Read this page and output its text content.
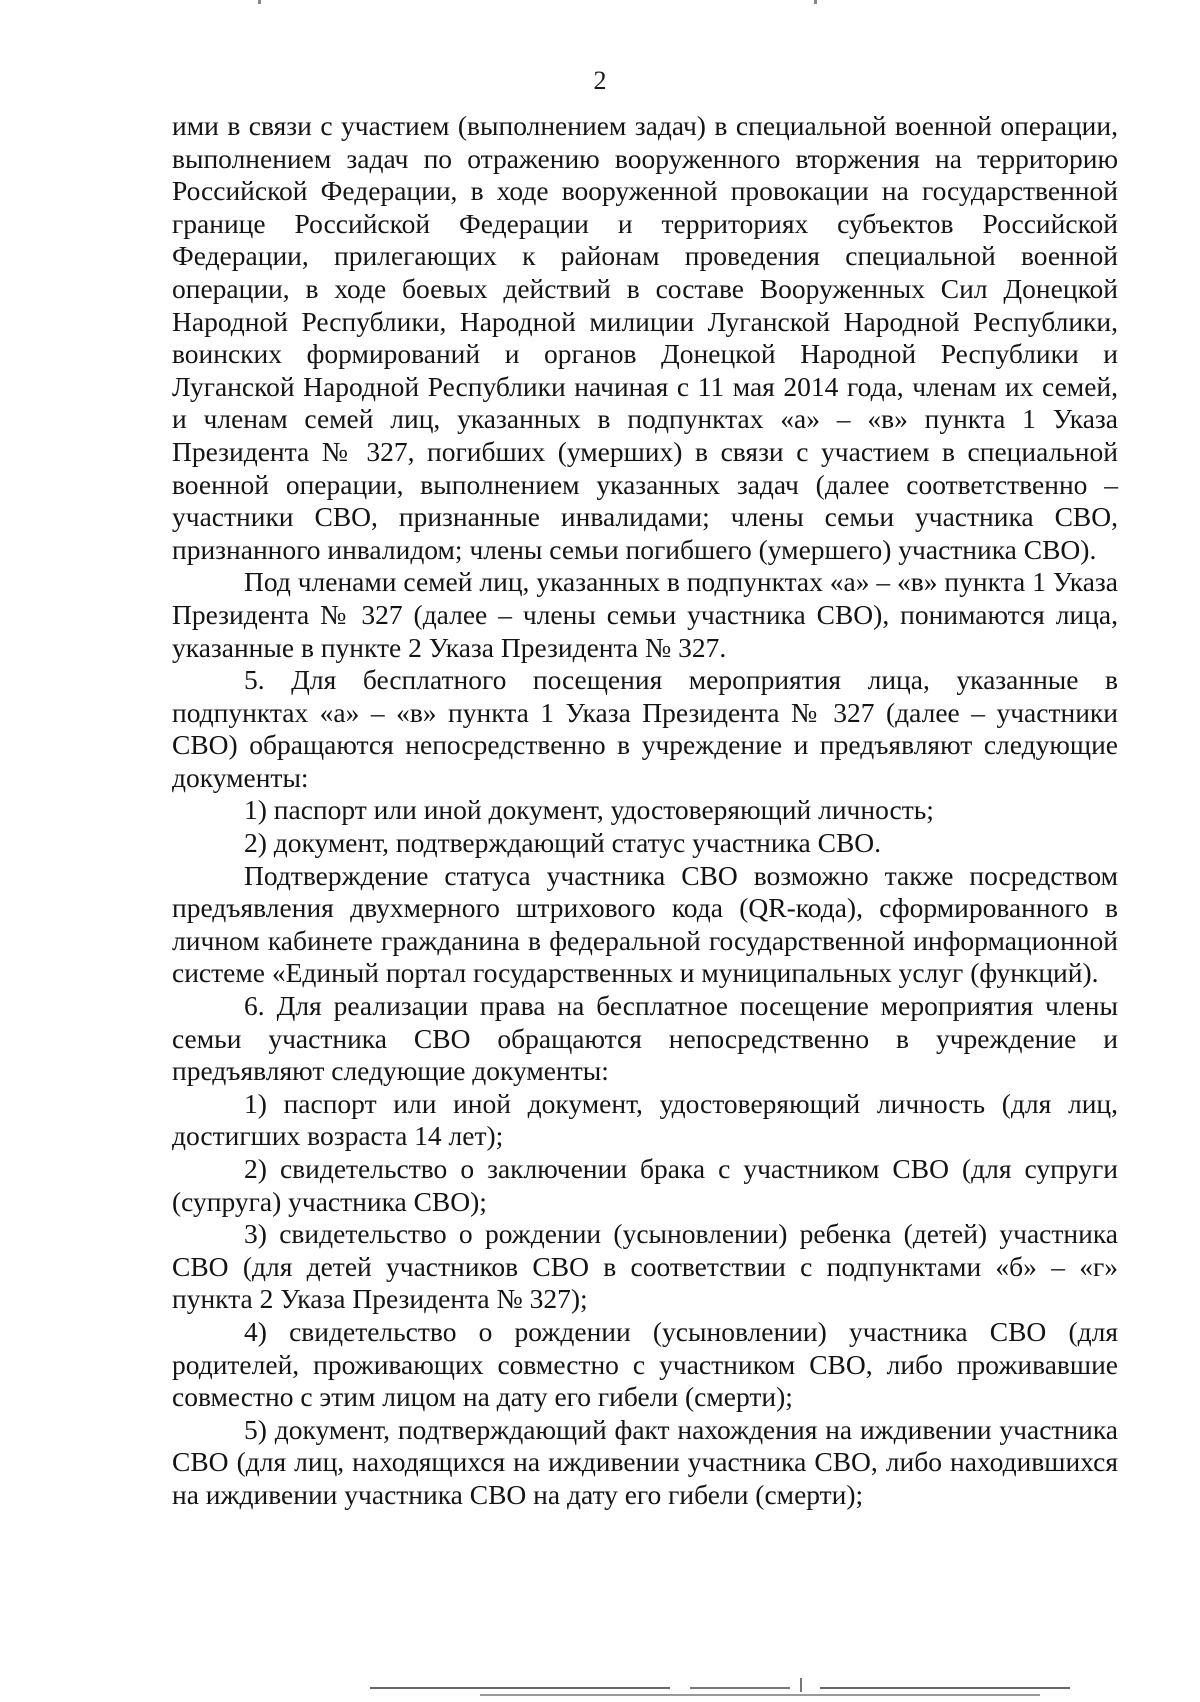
2

ими в связи с участием (выполнением задач) в специальной военной операции, выполнением задач по отражению вооруженного вторжения на территорию Российской Федерации, в ходе вооруженной провокации на государственной границе Российской Федерации и территориях субъектов Российской Федерации, прилегающих к районам проведения специальной военной операции, в ходе боевых действий в составе Вооруженных Сил Донецкой Народной Республики, Народной милиции Луганской Народной Республики, воинских формирований и органов Донецкой Народной Республики и Луганской Народной Республики начиная с 11 мая 2014 года, членам их семей, и членам семей лиц, указанных в подпунктах «а» – «в» пункта 1 Указа Президента № 327, погибших (умерших) в связи с участием в специальной военной операции, выполнением указанных задач (далее соответственно – участники СВО, признанные инвалидами; члены семьи участника СВО, признанного инвалидом; члены семьи погибшего (умершего) участника СВО).

Под членами семей лиц, указанных в подпунктах «а» – «в» пункта 1 Указа Президента № 327 (далее – члены семьи участника СВО), понимаются лица, указанные в пункте 2 Указа Президента № 327.

5. Для бесплатного посещения мероприятия лица, указанные в подпунктах «а» – «в» пункта 1 Указа Президента № 327 (далее – участники СВО) обращаются непосредственно в учреждение и предъявляют следующие документы:

1) паспорт или иной документ, удостоверяющий личность;

2) документ, подтверждающий статус участника СВО.

Подтверждение статуса участника СВО возможно также посредством предъявления двухмерного штрихового кода (QR-кода), сформированного в личном кабинете гражданина в федеральной государственной информационной системе «Единый портал государственных и муниципальных услуг (функций).

6. Для реализации права на бесплатное посещение мероприятия члены семьи участника СВО обращаются непосредственно в учреждение и предъявляют следующие документы:

1) паспорт или иной документ, удостоверяющий личность (для лиц, достигших возраста 14 лет);

2) свидетельство о заключении брака с участником СВО (для супруги (супруга) участника СВО);

3) свидетельство о рождении (усыновлении) ребенка (детей) участника СВО (для детей участников СВО в соответствии с подпунктами «б» – «г» пункта 2 Указа Президента № 327);

4) свидетельство о рождении (усыновлении) участника СВО (для родителей, проживающих совместно с участником СВО, либо проживавшие совместно с этим лицом на дату его гибели (смерти);

5) документ, подтверждающий факт нахождения на иждивении участника СВО (для лиц, находящихся на иждивении участника СВО, либо находившихся на иждивении участника СВО на дату его гибели (смерти);
